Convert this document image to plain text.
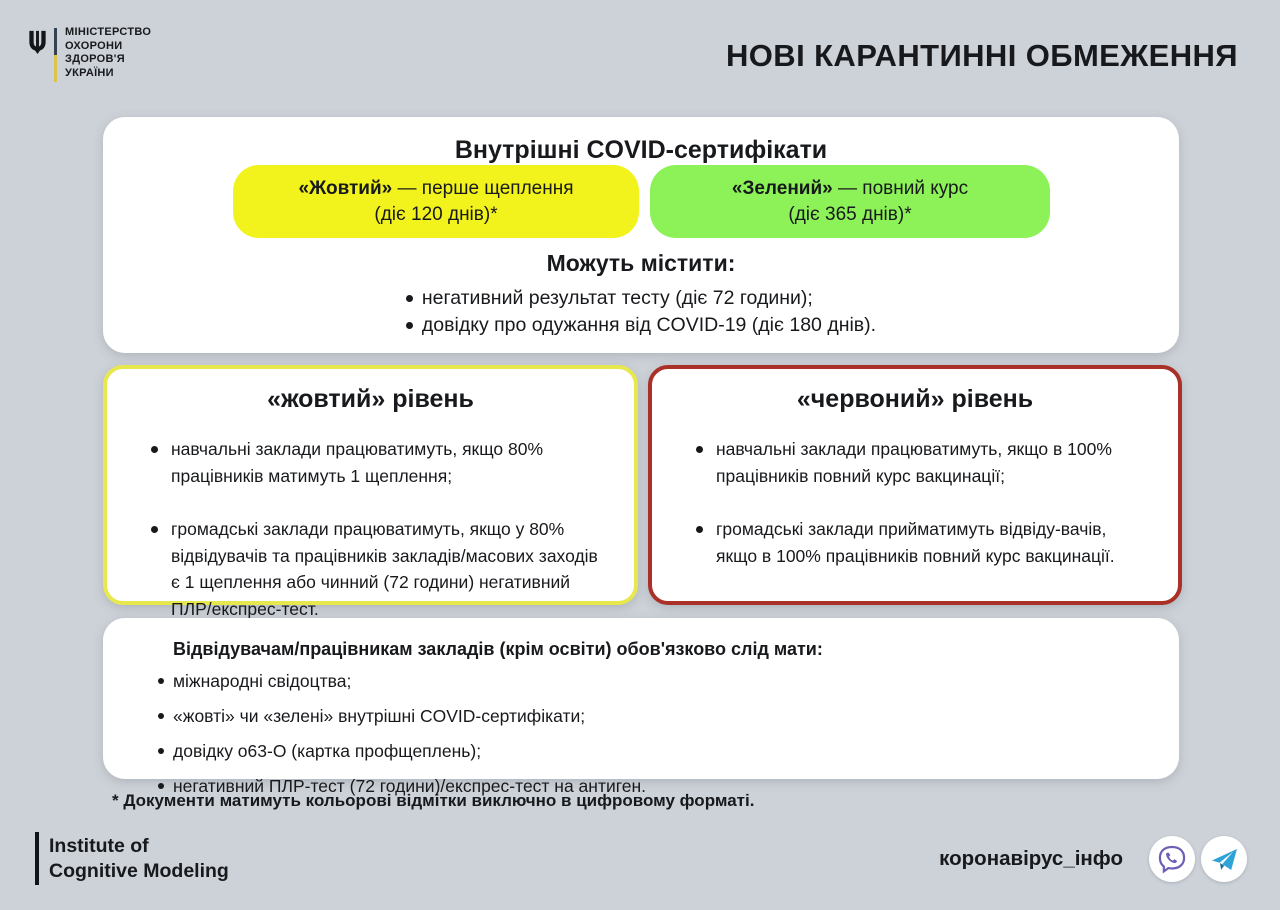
МІНІСТЕРСТВО
ОХОРОНИ
ЗДОРОВ'Я
УКРАЇНИ	НОВІ КАРАНТИННІ ОБМЕЖЕННЯ
Внутрішні COVID-сертифікати
«Жовтий» — перше щеплення
(діє 120 днів)*
«Зелений» — повний курс
(діє 365 днів)*
Можуть містити:
негативний результат тесту (діє 72 години);
довідку про одужання від COVID-19 (діє 180 днів).
«жовтий» рівень
навчальні заклади працюватимуть, якщо 80% працівників матимуть 1 щеплення;
громадські заклади працюватимуть, якщо у 80% відвідувачів та працівників закладів/масових заходів є 1 щеплення або чинний (72 години) негативний ПЛР/експрес-тест.
«червоний» рівень
навчальні заклади працюватимуть, якщо в 100% працівників повний курс вакцинації;
громадські заклади прийматимуть відвіду-вачів, якщо в 100% працівників повний курс вакцинації.
Відвідувачам/працівникам закладів (крім освіти) обов'язково слід мати:
міжнародні свідоцтва;
«жовті» чи «зелені» внутрішні COVID-сертифікати;
довідку о63-О (картка профщеплень);
негативний ПЛР-тест (72 години)/експрес-тест на антиген.
* Документи матимуть кольорові відмітки виключно в цифровому форматі.
Institute of
Cognitive Modeling
коронавірус_інфо
